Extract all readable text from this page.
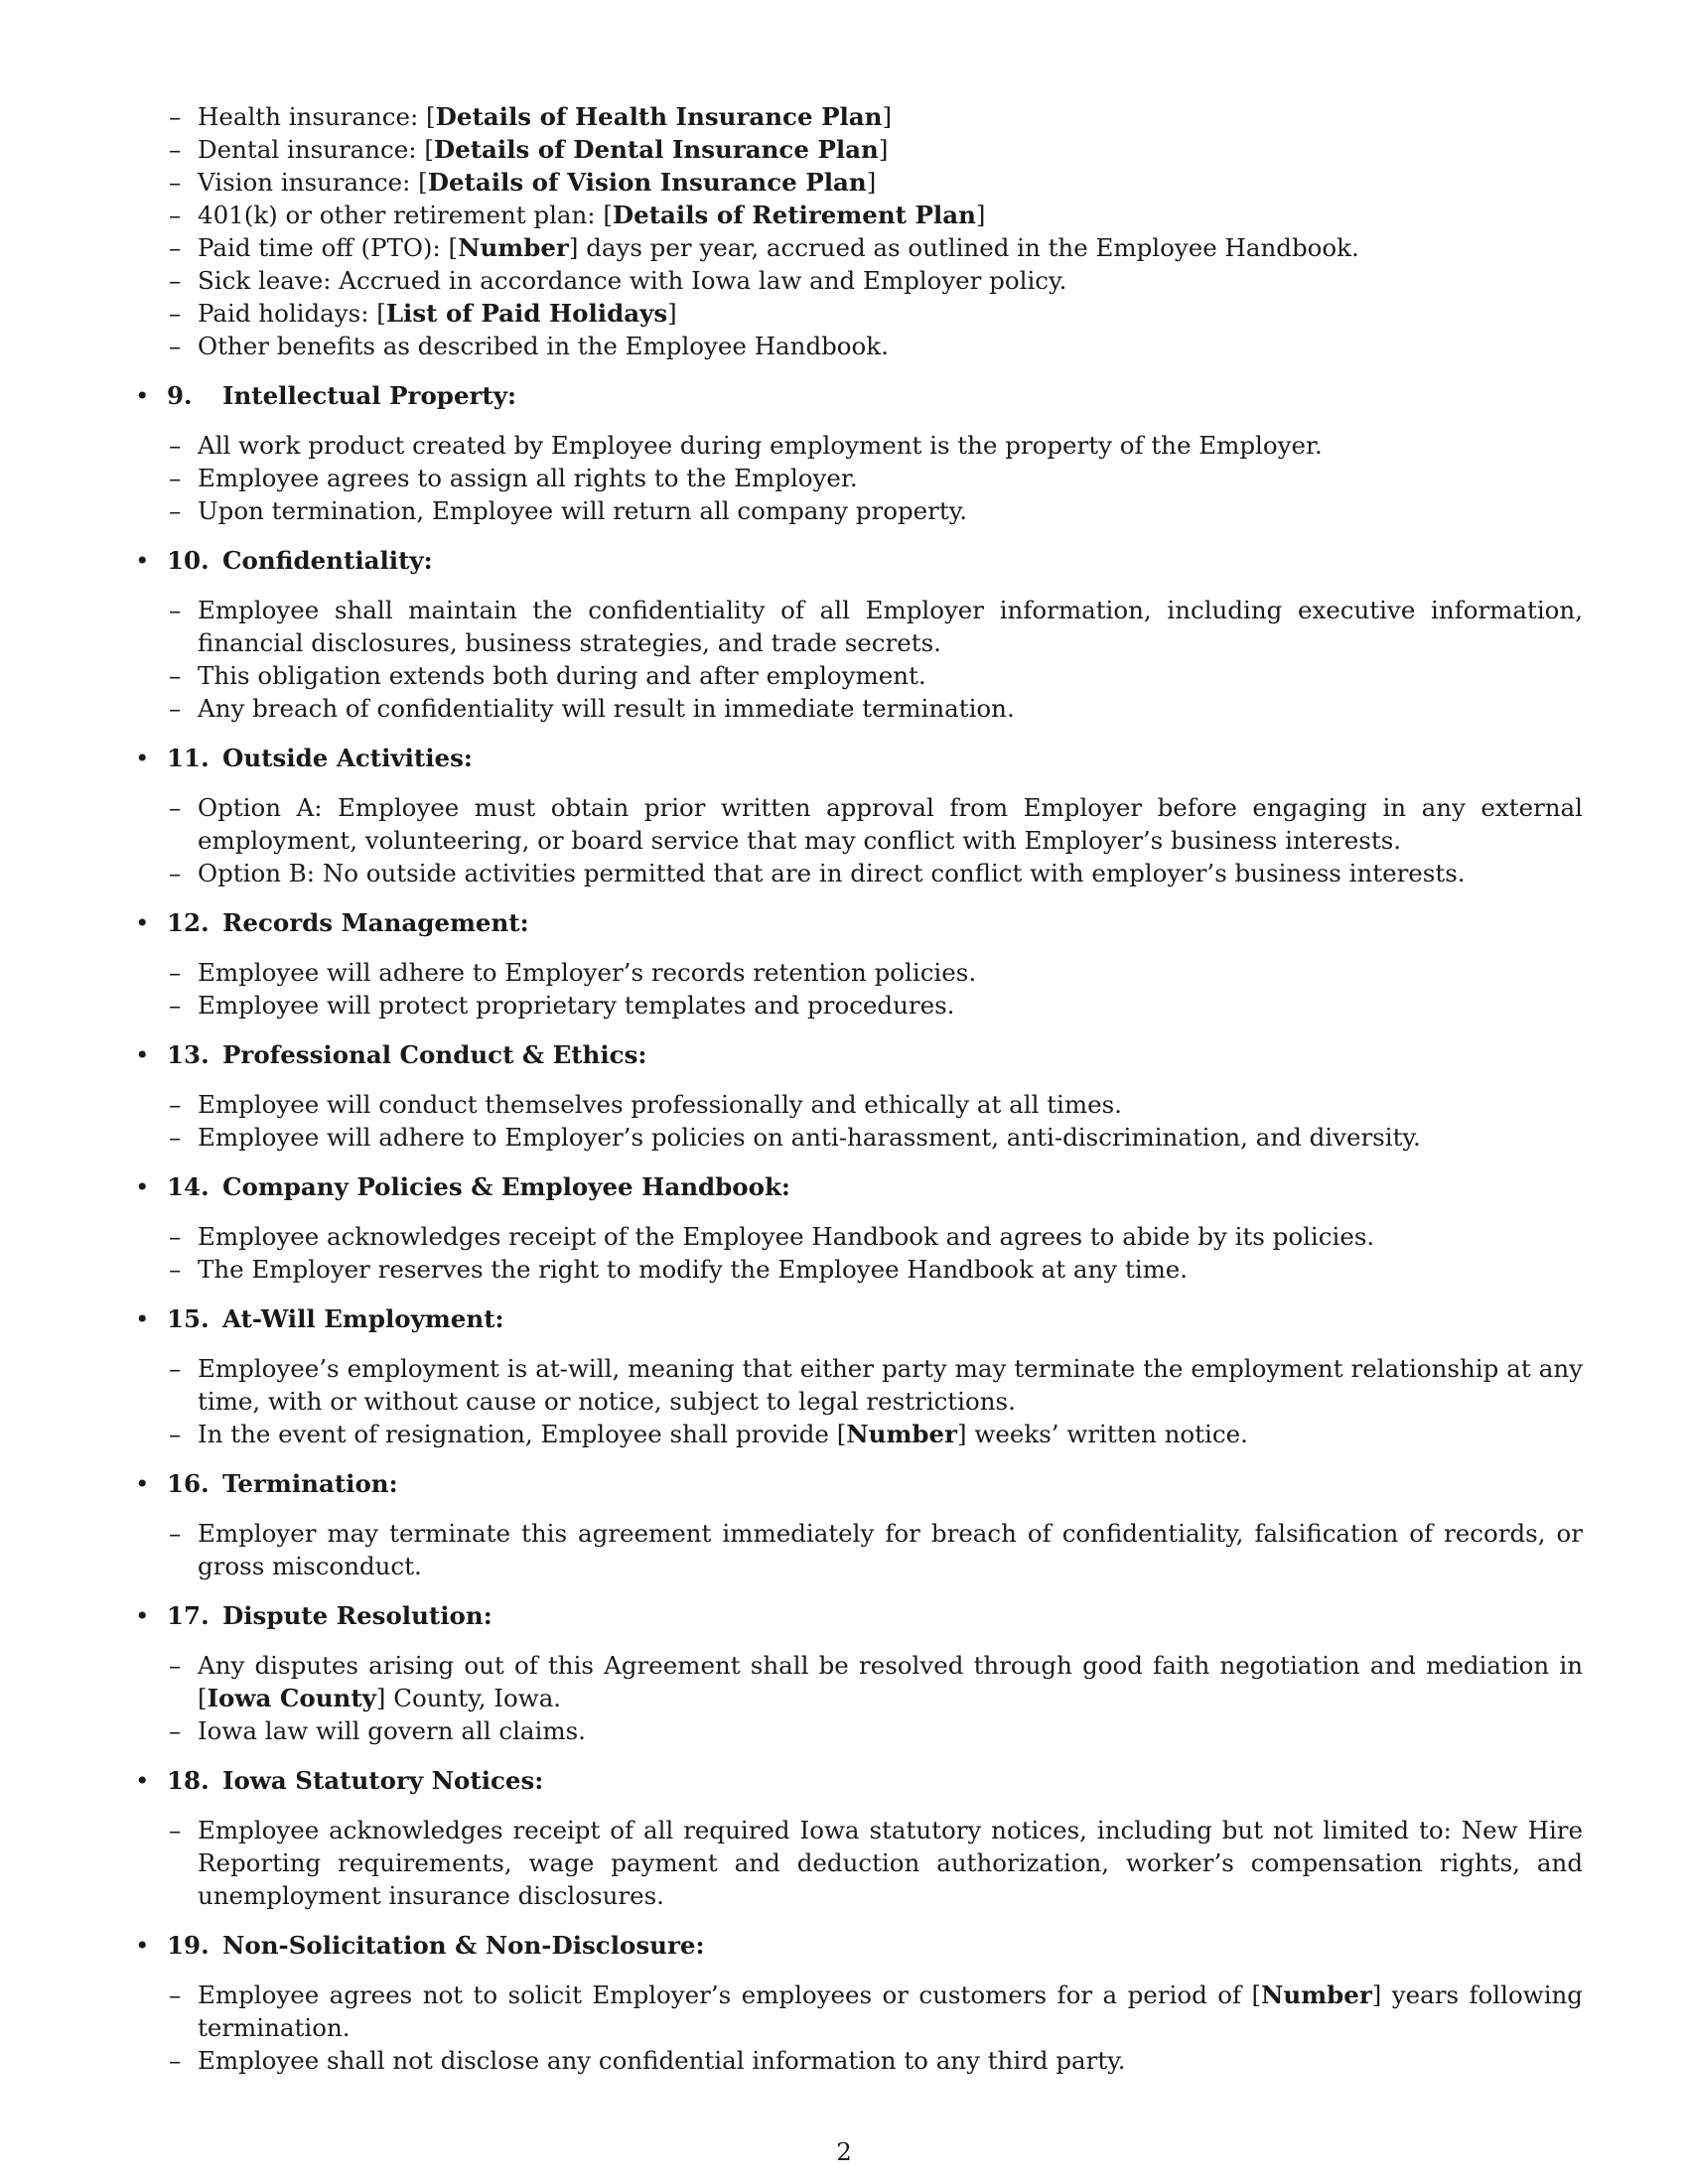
– Health insurance: [Details of Health Insurance Plan]
– Dental insurance: [Details of Dental Insurance Plan]
– Vision insurance: [Details of Vision Insurance Plan]
– 401(k) or other retirement plan: [Details of Retirement Plan]
– Paid time off (PTO): [Number] days per year, accrued as outlined in the Employee Handbook.
– Sick leave: Accrued in accordance with Iowa law and Employer policy.
– Paid holidays: [List of Paid Holidays]
– Other benefits as described in the Employee Handbook.
• 9. Intellectual Property:
– All work product created by Employee during employment is the property of the Employer.
– Employee agrees to assign all rights to the Employer.
– Upon termination, Employee will return all company property.
• 10. Confidentiality:
– Employee shall maintain the confidentiality of all Employer information, including executive information, financial disclosures, business strategies, and trade secrets.
– This obligation extends both during and after employment.
– Any breach of confidentiality will result in immediate termination.
• 11. Outside Activities:
– Option A: Employee must obtain prior written approval from Employer before engaging in any external employment, volunteering, or board service that may conflict with Employer’s business interests.
– Option B: No outside activities permitted that are in direct conflict with employer’s business interests.
• 12. Records Management:
– Employee will adhere to Employer’s records retention policies.
– Employee will protect proprietary templates and procedures.
• 13. Professional Conduct & Ethics:
– Employee will conduct themselves professionally and ethically at all times.
– Employee will adhere to Employer’s policies on anti-harassment, anti-discrimination, and diversity.
• 14. Company Policies & Employee Handbook:
– Employee acknowledges receipt of the Employee Handbook and agrees to abide by its policies.
– The Employer reserves the right to modify the Employee Handbook at any time.
• 15. At-Will Employment:
– Employee’s employment is at-will, meaning that either party may terminate the employment relationship at any time, with or without cause or notice, subject to legal restrictions.
– In the event of resignation, Employee shall provide [Number] weeks’ written notice.
• 16. Termination:
– Employer may terminate this agreement immediately for breach of confidentiality, falsification of records, or gross misconduct.
• 17. Dispute Resolution:
– Any disputes arising out of this Agreement shall be resolved through good faith negotiation and mediation in [Iowa County] County, Iowa.
– Iowa law will govern all claims.
• 18. Iowa Statutory Notices:
– Employee acknowledges receipt of all required Iowa statutory notices, including but not limited to: New Hire Reporting requirements, wage payment and deduction authorization, worker’s compensation rights, and unemployment insurance disclosures.
• 19. Non-Solicitation & Non-Disclosure:
– Employee agrees not to solicit Employer’s employees or customers for a period of [Number] years following termination.
– Employee shall not disclose any confidential information to any third party.
2
